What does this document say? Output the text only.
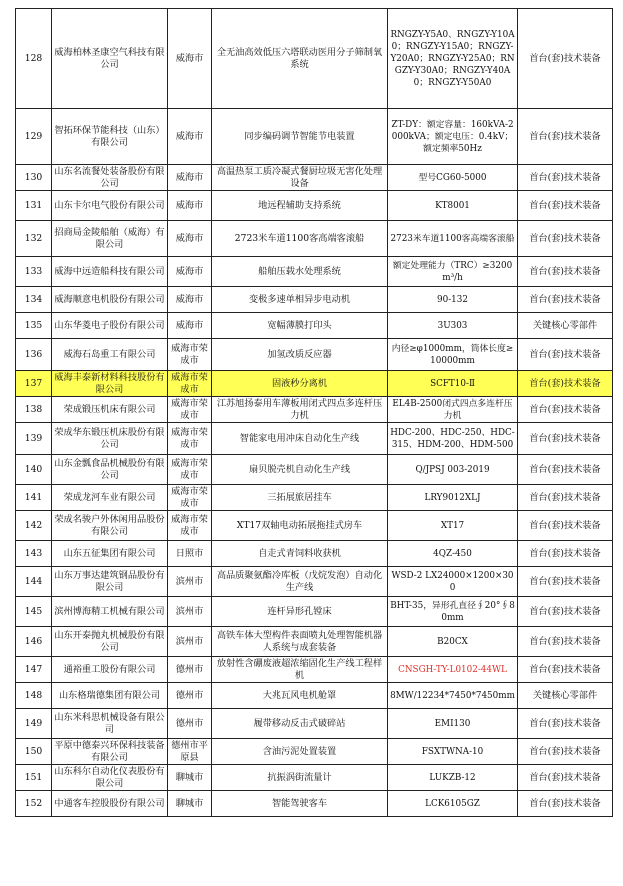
128	威海柏林圣康空气科技有限公司	威海市	全无油高效低压六塔联动医用分子筛制氧系统	RNGZY-Y5A0、RNGZY-Y10A0；RNGZY-Y15A0；RNGZY-Y20A0；RNGZY-Y25A0；RNGZY-Y30A0；RNGZY-Y40A0；RNGZY-Y50A0	首台(套)技术装备
129	智拓环保节能科技（山东）有限公司	威海市	同步编码调节智能节电装置	ZT-DY：额定容量：160kVA-2000kVA；额定电压：0.4kV；额定频率50Hz	首台(套)技术装备
130	山东名流餐处装备股份有限公司	威海市	高温热泵工质冷凝式餐厨垃圾无害化处理设备	型号CG60-5000	首台(套)技术装备
131	山东卡尔电气股份有限公司	威海市	地远程辅助支持系统	KT8001	首台(套)技术装备
132	招商局金陵船舶（威海）有限公司	威海市	2723米车道1100客高端客滚船	2723米车道1100客高端客滚船	首台(套)技术装备
133	威海中远造船科技有限公司	威海市	船舶压载水处理系统	额定处理能力（TRC）≥3200m³/h	首台(套)技术装备
134	威海顺意电机股份有限公司	威海市	变极多速单相异步电动机	90-132	首台(套)技术装备
135	山东华菱电子股份有限公司	威海市	宽幅薄膜打印头	3U303	关键核心零部件
136	威海石岛重工有限公司	威海市荣成市	加氢改质反应器	内径≥φ1000mm，筒体长度≥10000mm	首台(套)技术装备
137	威海丰泰新材料科技股份有限公司	威海市荣成市	固液秒分离机	SCFT10-Ⅱ	首台(套)技术装备
138	荣成锻压机床有限公司	威海市荣成市	江苏旭扬泰用车薄板用闭式四点多连杆压力机	EL4B-2500闭式四点多连杆压力机	首台(套)技术装备
139	荣成华东锻压机床股份有限公司	威海市荣成市	智能家电用冲床自动化生产线	HDC-200、HDC-250、HDC-315、HDM-200、HDM-500	首台(套)技术装备
140	山东金瓢食品机械股份有限公司	威海市荣成市	扇贝脱壳机自动化生产线	Q/JPSJ 003-2019	首台(套)技术装备
141	荣成龙河车业有限公司	威海市荣成市	三拓展旅居挂车	LRY9012XLJ	首台(套)技术装备
142	荣成名骏户外休闲用品股份有限公司	威海市荣成市	XT17双轴电动拓展拖挂式房车	XT17	首台(套)技术装备
143	山东五征集团有限公司	日照市	自走式青饲料收获机	4QZ-450	首台(套)技术装备
144	山东万事达建筑钢品股份有限公司	滨州市	高品质聚氨酯冷库板（戊烷发泡）自动化生产线	WSD-2 LX24000×1200×300	首台(套)技术装备
145	滨州博海精工机械有限公司	滨州市	连杆异形孔镗床	BHT-35，异形孔直径∮20°∮80mm	首台(套)技术装备
146	山东开泰抛丸机械股份有限公司	滨州市	高铁车体大型构件表面喷丸处理智能机器人系统与成套装备	B20CX	首台(套)技术装备
147	通裕重工股份有限公司	德州市	放射性含硼废液超浓缩固化生产线工程样机	CNSGH-TY-L0102-44WL	首台(套)技术装备
148	山东格瑞德集团有限公司	德州市	大兆瓦风电机舱罩	8MW/12234*7450*7450mm	关键核心零部件
149	山东米科思机械设备有限公司	德州市	履带移动反击式破碎站	EMI130	首台(套)技术装备
150	平原中德泰兴环保科技装备有限公司	德州市平原县	含油污泥处置装置	FSXTWNA-10	首台(套)技术装备
151	山东科尔自动化仪表股份有限公司	聊城市	抗振涡街流量计	LUKZB-12	首台(套)技术装备
152	中通客车控股股份有限公司	聊城市	智能驾驶客车	LCK6105GZ	首台(套)技术装备
